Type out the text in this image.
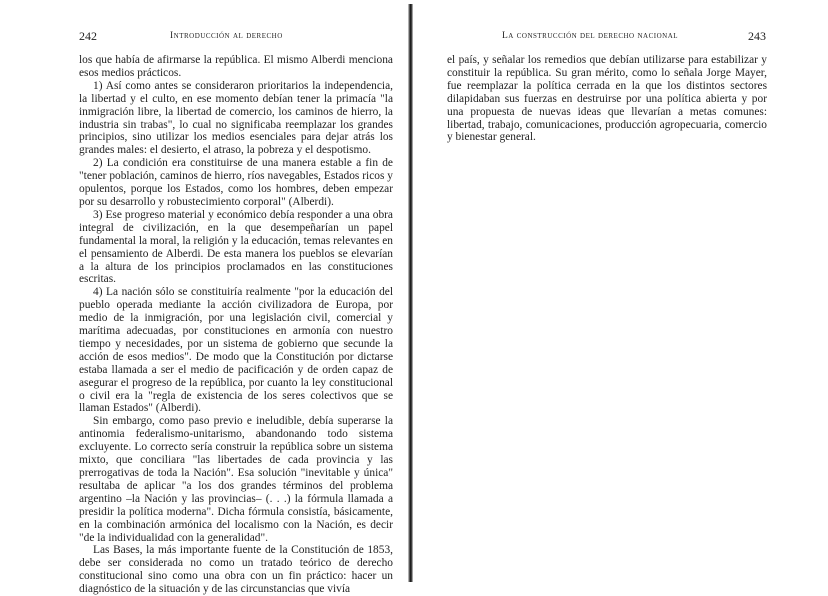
242	Introducción al derecho

los que había de afirmarse la república. El mismo Alberdi menciona esos medios prácticos.

1) Así como antes se consideraron prioritarios la independencia, la libertad y el culto, en ese momento debían tener la primacía "la inmigración libre, la libertad de comercio, los caminos de hierro, la industria sin trabas", lo cual no significaba reemplazar los grandes principios, sino utilizar los medios esenciales para dejar atrás los grandes males: el desierto, el atraso, la pobreza y el despotismo.

2) La condición era constituirse de una manera estable a fin de "tener población, caminos de hierro, ríos navegables, Estados ricos y opulentos, porque los Estados, como los hombres, deben empezar por su desarrollo y robustecimiento corporal" (Alberdi).

3) Ese progreso material y económico debía responder a una obra integral de civilización, en la que desempeñarían un papel fundamental la moral, la religión y la educación, temas relevantes en el pensamiento de Alberdi. De esta manera los pueblos se elevarían a la altura de los principios proclamados en las constituciones escritas.

4) La nación sólo se constituiría realmente "por la educación del pueblo operada mediante la acción civilizadora de Europa, por medio de la inmigración, por una legislación civil, comercial y marítima adecuadas, por constituciones en armonía con nuestro tiempo y necesidades, por un sistema de gobierno que secunde la acción de esos medios". De modo que la Constitución por dictarse estaba llamada a ser el medio de pacificación y de orden capaz de asegurar el progreso de la república, por cuanto la ley constitucional o civil era la "regla de existencia de los seres colectivos que se llaman Estados" (Alberdi).

Sin embargo, como paso previo e ineludible, debía superarse la antinomia federalismo-unitarismo, abandonando todo sistema excluyente. Lo correcto sería construir la república sobre un sistema mixto, que conciliara "las libertades de cada provincia y las prerrogativas de toda la Nación". Esa solución "inevitable y única" resultaba de aplicar "a los dos grandes términos del problema argentino –la Nación y las provincias– (. . .) la fórmula llamada a presidir la política moderna". Dicha fórmula consistía, básicamente, en la combinación armónica del localismo con la Nación, es decir "de la individualidad con la generalidad".

Las Bases, la más importante fuente de la Constitución de 1853, debe ser considerada no como un tratado teórico de derecho constitucional sino como una obra con un fin práctico: hacer un diagnóstico de la situación y de las circunstancias que vivía

La construcción del derecho nacional	243

el país, y señalar los remedios que debían utilizarse para estabilizar y constituir la república. Su gran mérito, como lo señala Jorge Mayer, fue reemplazar la política cerrada en la que los distintos sectores dilapidaban sus fuerzas en destruirse por una política abierta y por una propuesta de nuevas ideas que llevarían a metas comunes: libertad, trabajo, comunicaciones, producción agropecuaria, comercio y bienestar general.
